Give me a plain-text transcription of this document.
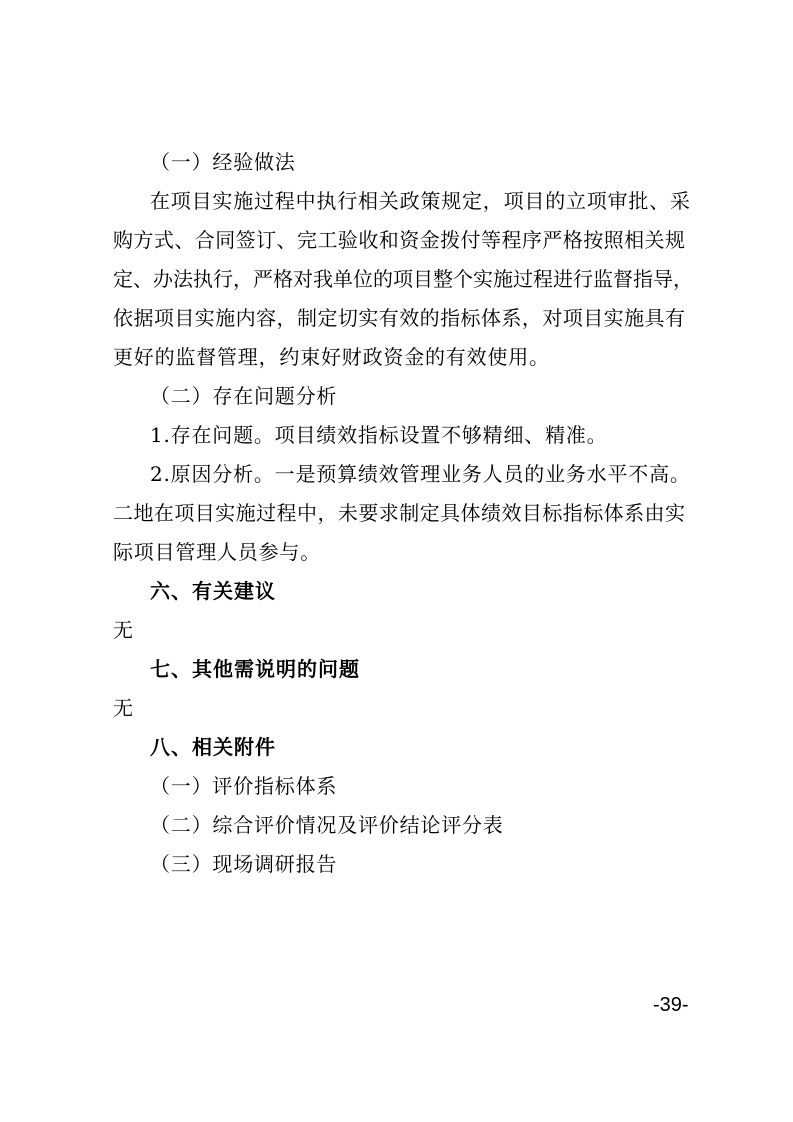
（一）经验做法
在项目实施过程中执行相关政策规定，项目的立项审批、采
购方式、合同签订、完工验收和资金拨付等程序严格按照相关规
定、办法执行，严格对我单位的项目整个实施过程进行监督指导，
依据项目实施内容，制定切实有效的指标体系，对项目实施具有
更好的监督管理，约束好财政资金的有效使用。
（二）存在问题分析
1.存在问题。项目绩效指标设置不够精细、精准。
2.原因分析。一是预算绩效管理业务人员的业务水平不高。
二地在项目实施过程中，未要求制定具体绩效目标指标体系由实
际项目管理人员参与。
六、有关建议
无
七、其他需说明的问题
无
八、相关附件
（一）评价指标体系
（二）综合评价情况及评价结论评分表
（三）现场调研报告
-39-
